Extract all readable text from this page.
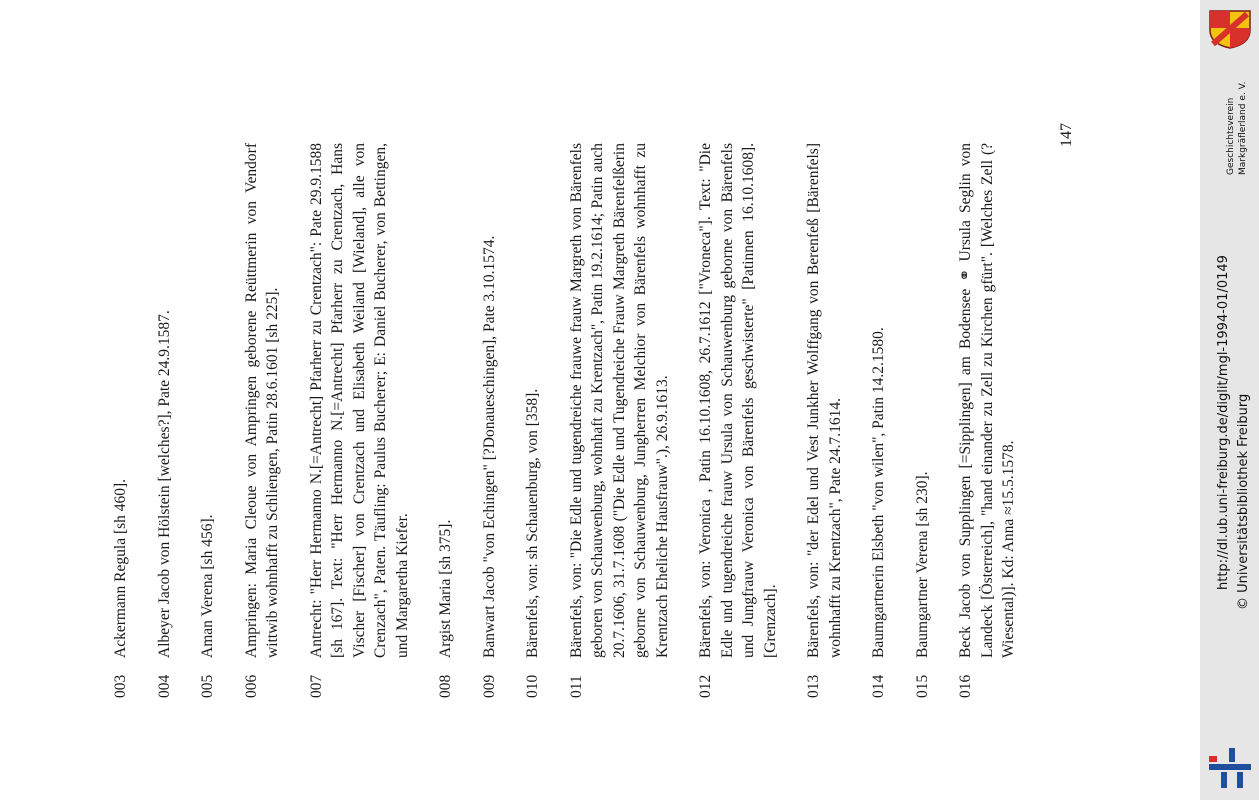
003
Ackermann Regula [sh 460].
004
Albeyer Jacob von Hölstein [welches?], Pate 24.9.1587.
005
Aman Verena [sh 456].
006
Ampringen: Maria Cleoue von Ampringen geborene Reüttmerin von Vendorf wittwib wohnhafft zu Schliengen, Patin 28.6.1601 [sh 225].
007
Antrecht: "Herr Hermanno N.[=Antrecht] Pfarherr zu Crentzach": Pate 29.9.1588 [sh 167]. Text: "Herr Hermanno N.[=Antrecht] Pfarherr zu Crentzach, Hans Vischer [Fischer] von Crentzach und Elisabeth Weiland [Wieland], alle von Crenzach", Paten. Täufling: Paulus Bucherer; E: Daniel Bucherer, von Bettingen, und Margaretha Kiefer.
008
Argist Maria [sh 375].
009
Banwart Jacob "von Echingen" [?Donaueschingen], Pate 3.10.1574.
010
Bärenfels, von: sh Schauenburg, von [358].
011
Bärenfels, von: "Die Edle und tugendreiche frauwe frauw Margreth von Bärenfels geboren von Schauwenburg, wohnhaft zu Krentzach", Patin 19.2.1614; Patin auch 20.7.1606, 31.7.1608 ("Die Edle und Tugendreiche Frauw Margreth Bärenfelßerin geborne von Schauwenburg, Jungherren Melchior von Bärenfels wohnhafft zu Krentzach Eheliche Hausfrauw".), 26.9.1613.
012
Bärenfels, von: Veronica , Patin 16.10.1608, 26.7.1612 ["Vroneca"]. Text: "Die Edle und tugendreiche frauw Ursula von Schauwenburg geborne von Bärenfels und Jungfrauw Veronica von Bärenfels geschwisterte" [Patinnen 16.10.1608]. [Grenzach].
013
Bärenfels, von: "der Edel und Vest Junkher Wolffgang von Berenfeß [Bärenfels] wohnhafft zu Krentzach", Pate 24.7.1614.
014
Baumgartnerin Elsbeth "von wilen", Patin 14.2.1580.
015
Baumgartner Verena [sh 230].
016
Beck Jacob von Supplingen [=Sipplingen] am Bodensee ⚭ Ursula Seglin von Landeck [Österreich], "hand einander zu Zell zu Kirchen gfürt". [Welches Zell (?Wiesental)]. Kd: Anna ≈15.5.1578.
147
http://dl.ub.uni-freiburg.de/diglit/mgl-1994-01/0149 © Universitätsbibliothek Freiburg
Geschichtsverein Markgräflerland e. V.
